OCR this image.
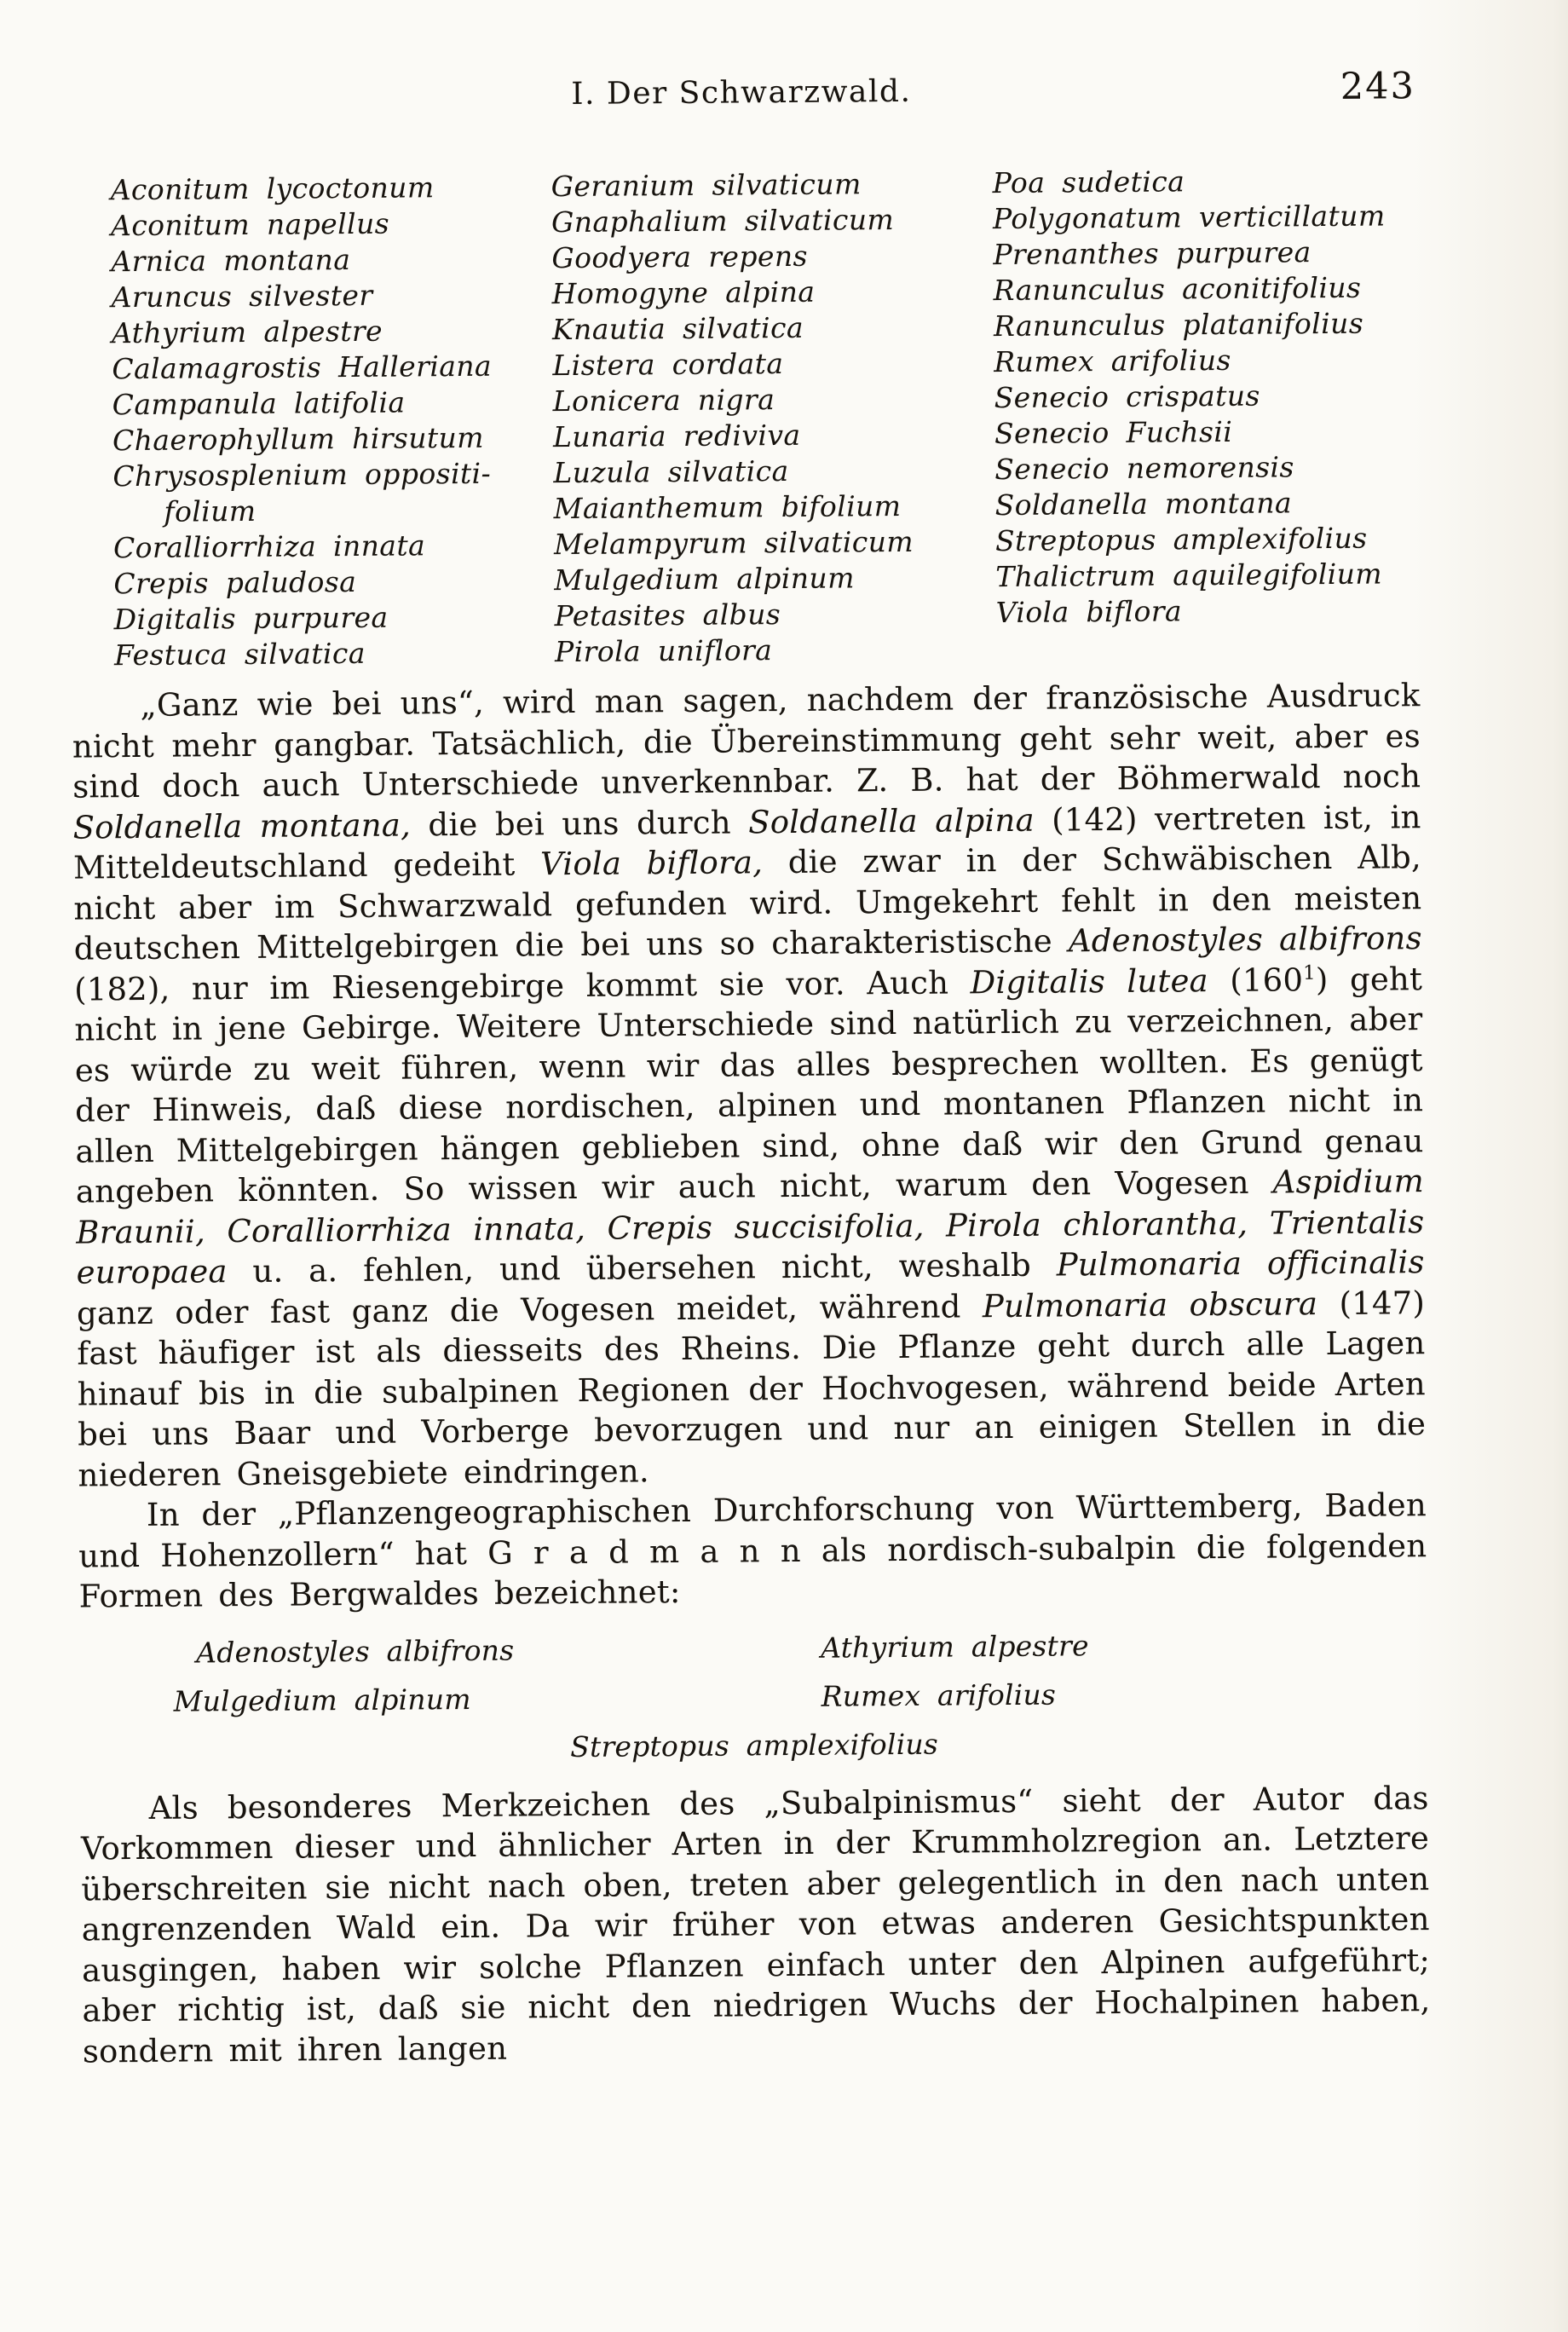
I. Der Schwarzwald.	243
Aconitum lycoctonum
Aconitum napellus
Arnica montana
Aruncus silvester
Athyrium alpestre
Calamagrostis Halleriana
Campanula latifolia
Chaerophyllum hirsutum
Chrysosplenium oppositi-
folium
Coralliorrhiza innata
Crepis paludosa
Digitalis purpurea
Festuca silvatica
Geranium silvaticum
Gnaphalium silvaticum
Goodyera repens
Homogyne alpina
Knautia silvatica
Listera cordata
Lonicera nigra
Lunaria rediviva
Luzula silvatica
Maianthemum bifolium
Melampyrum silvaticum
Mulgedium alpinum
Petasites albus
Pirola uniflora
Poa sudetica
Polygonatum verticillatum
Prenanthes purpurea
Ranunculus aconitifolius
Ranunculus platanifolius
Rumex arifolius
Senecio crispatus
Senecio Fuchsii
Senecio nemorensis
Soldanella montana
Streptopus amplexifolius
Thalictrum aquilegifolium
Viola biflora

„Ganz wie bei uns“, wird man sagen, nachdem der französische Ausdruck nicht mehr gangbar. Tatsächlich, die Übereinstimmung geht sehr weit, aber es sind doch auch Unterschiede unverkennbar. Z. B. hat der Böhmerwald noch Soldanella montana, die bei uns durch Soldanella alpina (142) vertreten ist, in Mitteldeutschland gedeiht Viola biflora, die zwar in der Schwäbischen Alb, nicht aber im Schwarzwald gefunden wird. Umgekehrt fehlt in den meisten deutschen Mittelgebirgen die bei uns so charakteristische Adenostyles albifrons (182), nur im Riesengebirge kommt sie vor. Auch Digitalis lutea $(160^1)$ geht nicht in jene Gebirge. Weitere Unterschiede sind natürlich zu verzeichnen, aber es würde zu weit führen, wenn wir das alles besprechen wollten. Es genügt der Hinweis, daß diese nordischen, alpinen und montanen Pflanzen nicht in allen Mittelgebirgen hängen geblieben sind, ohne daß wir den Grund genau angeben könnten. So wissen wir auch nicht, warum den Vogesen Aspidium Braunii, Coralliorrhiza innata, Crepis succisifolia, Pirola chlorantha, Trientalis europaea u. a. fehlen, und übersehen nicht, weshalb Pulmonaria officinalis ganz oder fast ganz die Vogesen meidet, während Pulmonaria obscura (147) fast häufiger ist als diesseits des Rheins. Die Pflanze geht durch alle Lagen hinauf bis in die subalpinen Regionen der Hochvogesen, während beide Arten bei uns Baar und Vorberge bevorzugen und nur an einigen Stellen in die niederen Gneisgebiete eindringen.

In der „Pflanzengeographischen Durchforschung von Württemberg, Baden und Hohenzollern“ hat G r a d m a n n als nordisch-subalpin die folgenden Formen des Bergwaldes bezeichnet:

Adenostyles albifrons	Athyrium alpestre
Mulgedium alpinum	Rumex arifolius
Streptopus amplexifolius

Als besonderes Merkzeichen des „Subalpinismus“ sieht der Autor das Vorkommen dieser und ähnlicher Arten in der Krummholzregion an. Letztere überschreiten sie nicht nach oben, treten aber gelegentlich in den nach unten angrenzenden Wald ein. Da wir früher von etwas anderen Gesichtspunkten ausgingen, haben wir solche Pflanzen einfach unter den Alpinen aufgeführt; aber richtig ist, daß sie nicht den niedrigen Wuchs der Hochalpinen haben, sondern mit ihren langen
